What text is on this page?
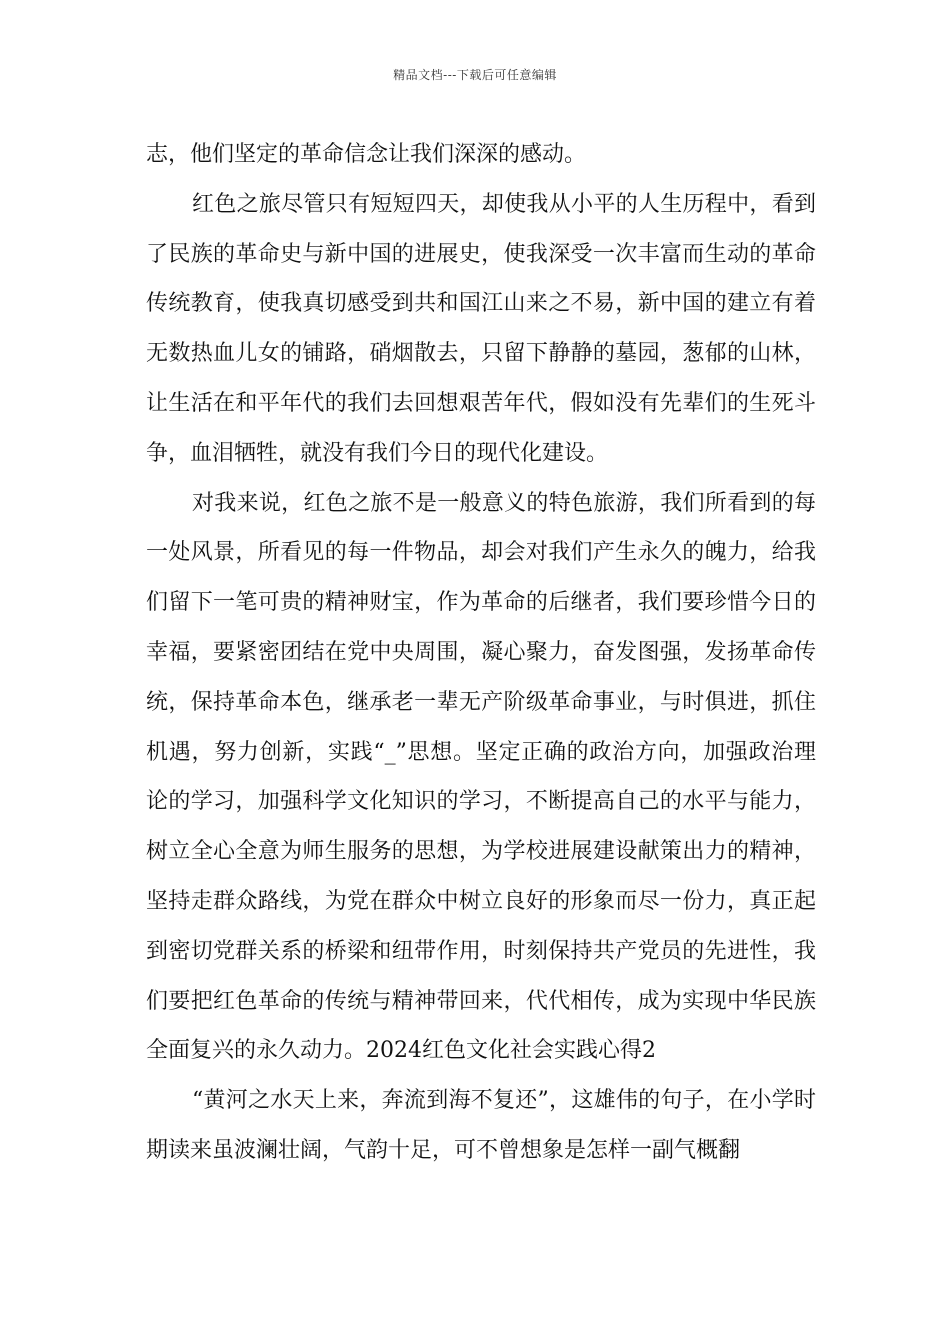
精品文档---下载后可任意编辑

志，他们坚定的革命信念让我们深深的感动。

红色之旅尽管只有短短四天，却使我从小平的人生历程中，看到了民族的革命史与新中国的进展史，使我深受一次丰富而生动的革命传统教育，使我真切感受到共和国江山来之不易，新中国的建立有着无数热血儿女的铺路，硝烟散去，只留下静静的墓园，葱郁的山林，让生活在和平年代的我们去回想艰苦年代，假如没有先辈们的生死斗争，血泪牺牲，就没有我们今日的现代化建设。

对我来说，红色之旅不是一般意义的特色旅游，我们所看到的每一处风景，所看见的每一件物品，却会对我们产生永久的魄力，给我们留下一笔可贵的精神财宝，作为革命的后继者，我们要珍惜今日的幸福，要紧密团结在党中央周围，凝心聚力，奋发图强，发扬革命传统，保持革命本色，继承老一辈无产阶级革命事业，与时俱进，抓住机遇，努力创新，实践“_”思想。坚定正确的政治方向，加强政治理论的学习，加强科学文化知识的学习，不断提高自己的水平与能力，树立全心全意为师生服务的思想，为学校进展建设献策出力的精神， 坚持走群众路线，为党在群众中树立良好的形象而尽一份力，真正起到密切党群关系的桥梁和纽带作用，时刻保持共产党员的先进性，我们要把红色革命的传统与精神带回来，代代相传，成为实现中华民族全面复兴的永久动力。2024红色文化社会实践心得2

“黄河之水天上来，奔流到海不复还”，这雄伟的句子，在小学时期读来虽波澜壮阔，气韵十足，可不曾想象是怎样一副气概翻
